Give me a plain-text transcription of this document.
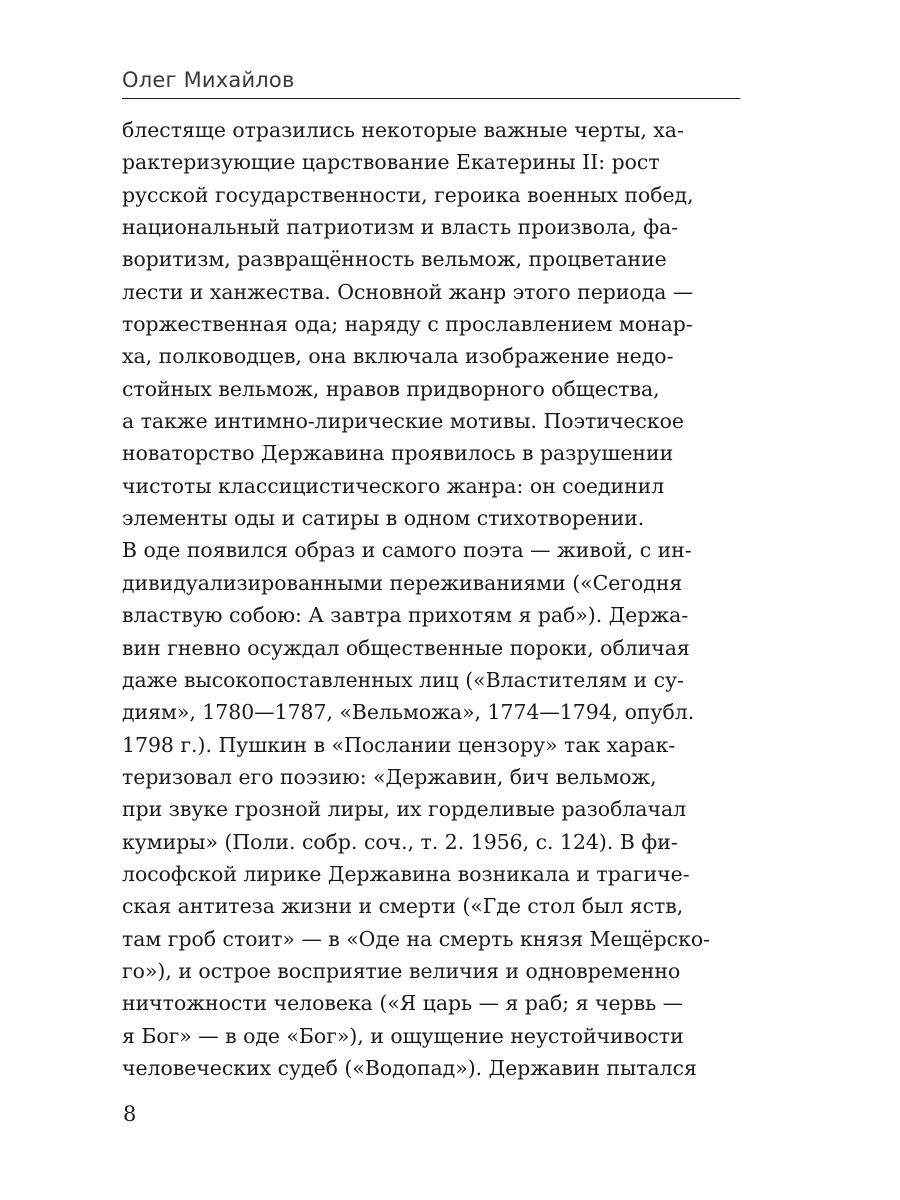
Олег Михайлов
блестяще отразились некоторые важные черты, ха-
рактеризующие царствование Екатерины II: рост
русской государственности, героика военных побед,
национальный патриотизм и власть произвола, фа-
воритизм, развращённость вельмож, процветание
лести и ханжества. Основной жанр этого периода —
торжественная ода; наряду с прославлением монар-
ха, полководцев, она включала изображение недо-
стойных вельмож, нравов придворного общества,
а также интимно-лирические мотивы. Поэтическое
новаторство Державина проявилось в разрушении
чистоты классицистического жанра: он соединил
элементы оды и сатиры в одном стихотворении.
В оде появился образ и самого поэта — живой, с ин-
дивидуализированными переживаниями («Сегодня
властвую собою: А завтра прихотям я раб»). Держа-
вин гневно осуждал общественные пороки, обличая
даже высокопоставленных лиц («Властителям и су-
диям», 1780—1787, «Вельможа», 1774—1794, опубл.
1798 г.). Пушкин в «Послании цензору» так харак-
теризовал его поэзию: «Державин, бич вельмож,
при звуке грозной лиры, их горделивые разоблачал
кумиры» (Поли. собр. соч., т. 2. 1956, с. 124). В фи-
лософской лирике Державина возникала и трагиче-
ская антитеза жизни и смерти («Где стол был яств,
там гроб стоит» — в «Оде на смерть князя Мещёрско-
го»), и острое восприятие величия и одновременно
ничтожности человека («Я царь — я раб; я червь —
я Бог» — в оде «Бог»), и ощущение неустойчивости
человеческих судеб («Водопад»). Державин пытался
8
